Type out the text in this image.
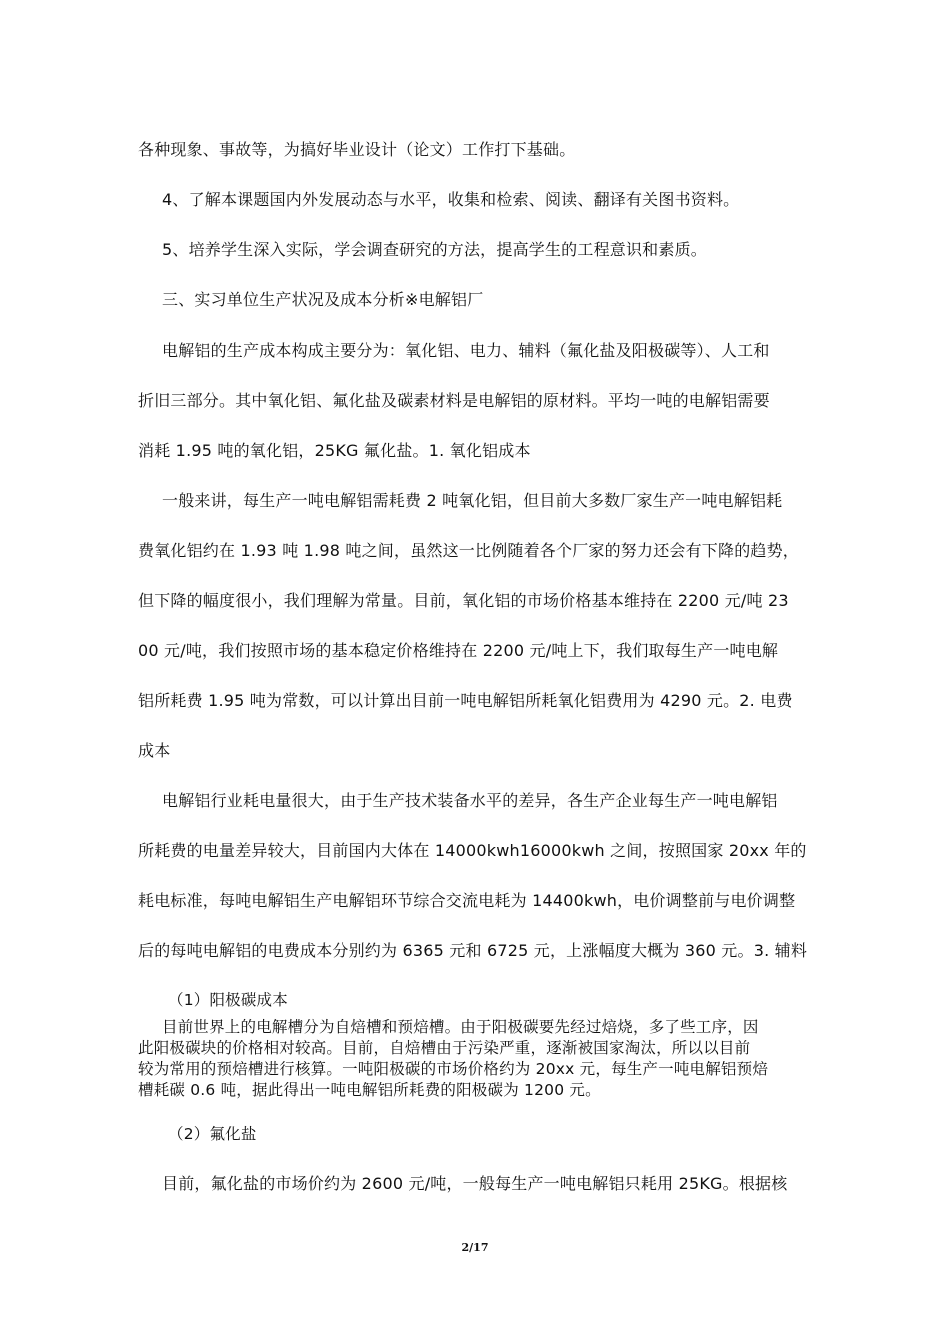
各种现象、事故等，为搞好毕业设计（论文）工作打下基础。
4、了解本课题国内外发展动态与水平，收集和检索、阅读、翻译有关图书资料。
5、培养学生深入实际，学会调查研究的方法，提高学生的工程意识和素质。
三、实习单位生产状况及成本分析※电解铝厂
电解铝的生产成本构成主要分为：氧化铝、电力、辅料（氟化盐及阳极碳等）、人工和
折旧三部分。其中氧化铝、氟化盐及碳素材料是电解铝的原材料。平均一吨的电解铝需要
消耗 1.95 吨的氧化铝，25KG 氟化盐。1. 氧化铝成本
一般来讲，每生产一吨电解铝需耗费 2 吨氧化铝，但目前大多数厂家生产一吨电解铝耗
费氧化铝约在 1.93 吨 1.98 吨之间，虽然这一比例随着各个厂家的努力还会有下降的趋势，
但下降的幅度很小，我们理解为常量。目前，氧化铝的市场价格基本维持在 2200 元/吨 23
00 元/吨，我们按照市场的基本稳定价格维持在 2200 元/吨上下，我们取每生产一吨电解
铝所耗费 1.95 吨为常数，可以计算出目前一吨电解铝所耗氧化铝费用为 4290 元。2. 电费
成本
电解铝行业耗电量很大，由于生产技术装备水平的差异，各生产企业每生产一吨电解铝
所耗费的电量差异较大，目前国内大体在 14000kwh16000kwh 之间，按照国家 20xx 年的
耗电标准，每吨电解铝生产电解铝环节综合交流电耗为 14400kwh，电价调整前与电价调整
后的每吨电解铝的电费成本分别约为 6365 元和 6725 元，上涨幅度大概为 360 元。3. 辅料
（1）阳极碳成本
目前世界上的电解槽分为自焙槽和预焙槽。由于阳极碳要先经过焙烧，多了些工序，因
此阳极碳块的价格相对较高。目前，自焙槽由于污染严重，逐渐被国家淘汰，所以以目前
较为常用的预焙槽进行核算。一吨阳极碳的市场价格约为 20xx 元，每生产一吨电解铝预焙
槽耗碳 0.6 吨，据此得出一吨电解铝所耗费的阳极碳为 1200 元。
（2）氟化盐
目前，氟化盐的市场价约为 2600 元/吨，一般每生产一吨电解铝只耗用 25KG。根据核
2/17
